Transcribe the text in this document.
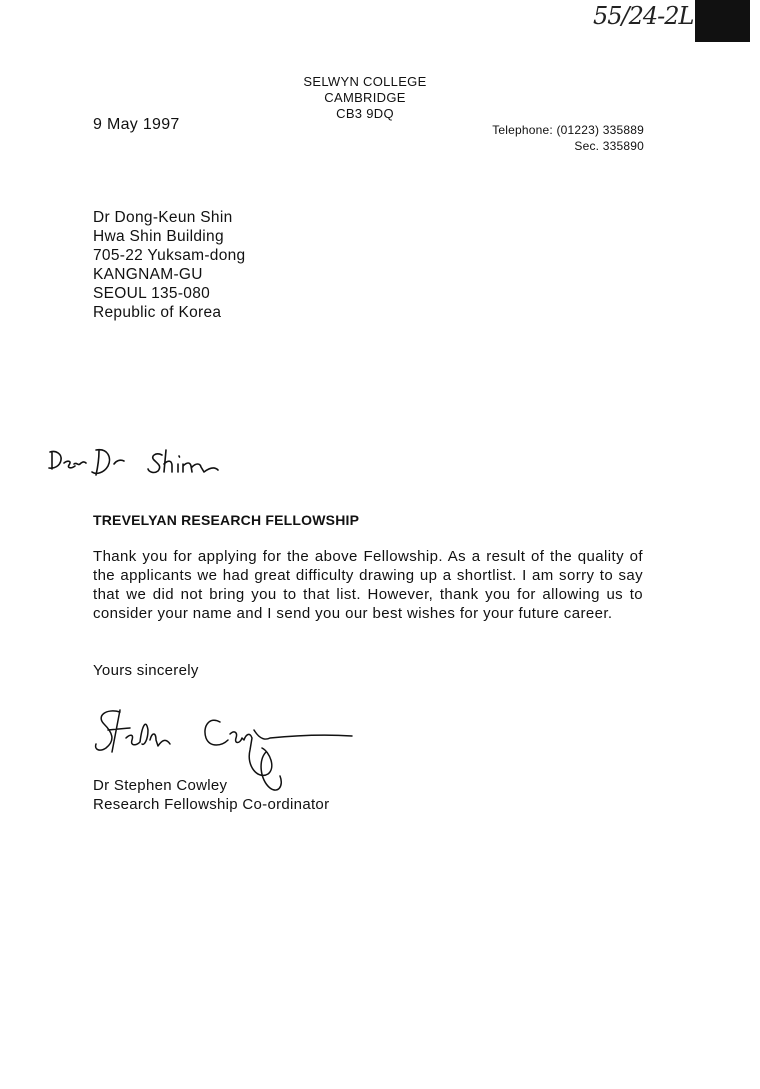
55/24-2L
SELWYN COLLEGE
CAMBRIDGE
CB3 9DQ
9 May 1997	Telephone: (01223) 335889
Sec. 335890
Dr Dong-Keun Shin
Hwa Shin Building
705-22 Yuksam-dong
KANGNAM-GU
SEOUL 135-080
Republic of Korea
TREVELYAN RESEARCH FELLOWSHIP

Thank you for applying for the above Fellowship. As a result of the quality of the applicants we had great difficulty drawing up a shortlist. I am sorry to say that we did not bring you to that list. However, thank you for allowing us to consider your name and I send you our best wishes for your future career.

Yours sincerely
Dr Stephen Cowley
Research Fellowship Co-ordinator
